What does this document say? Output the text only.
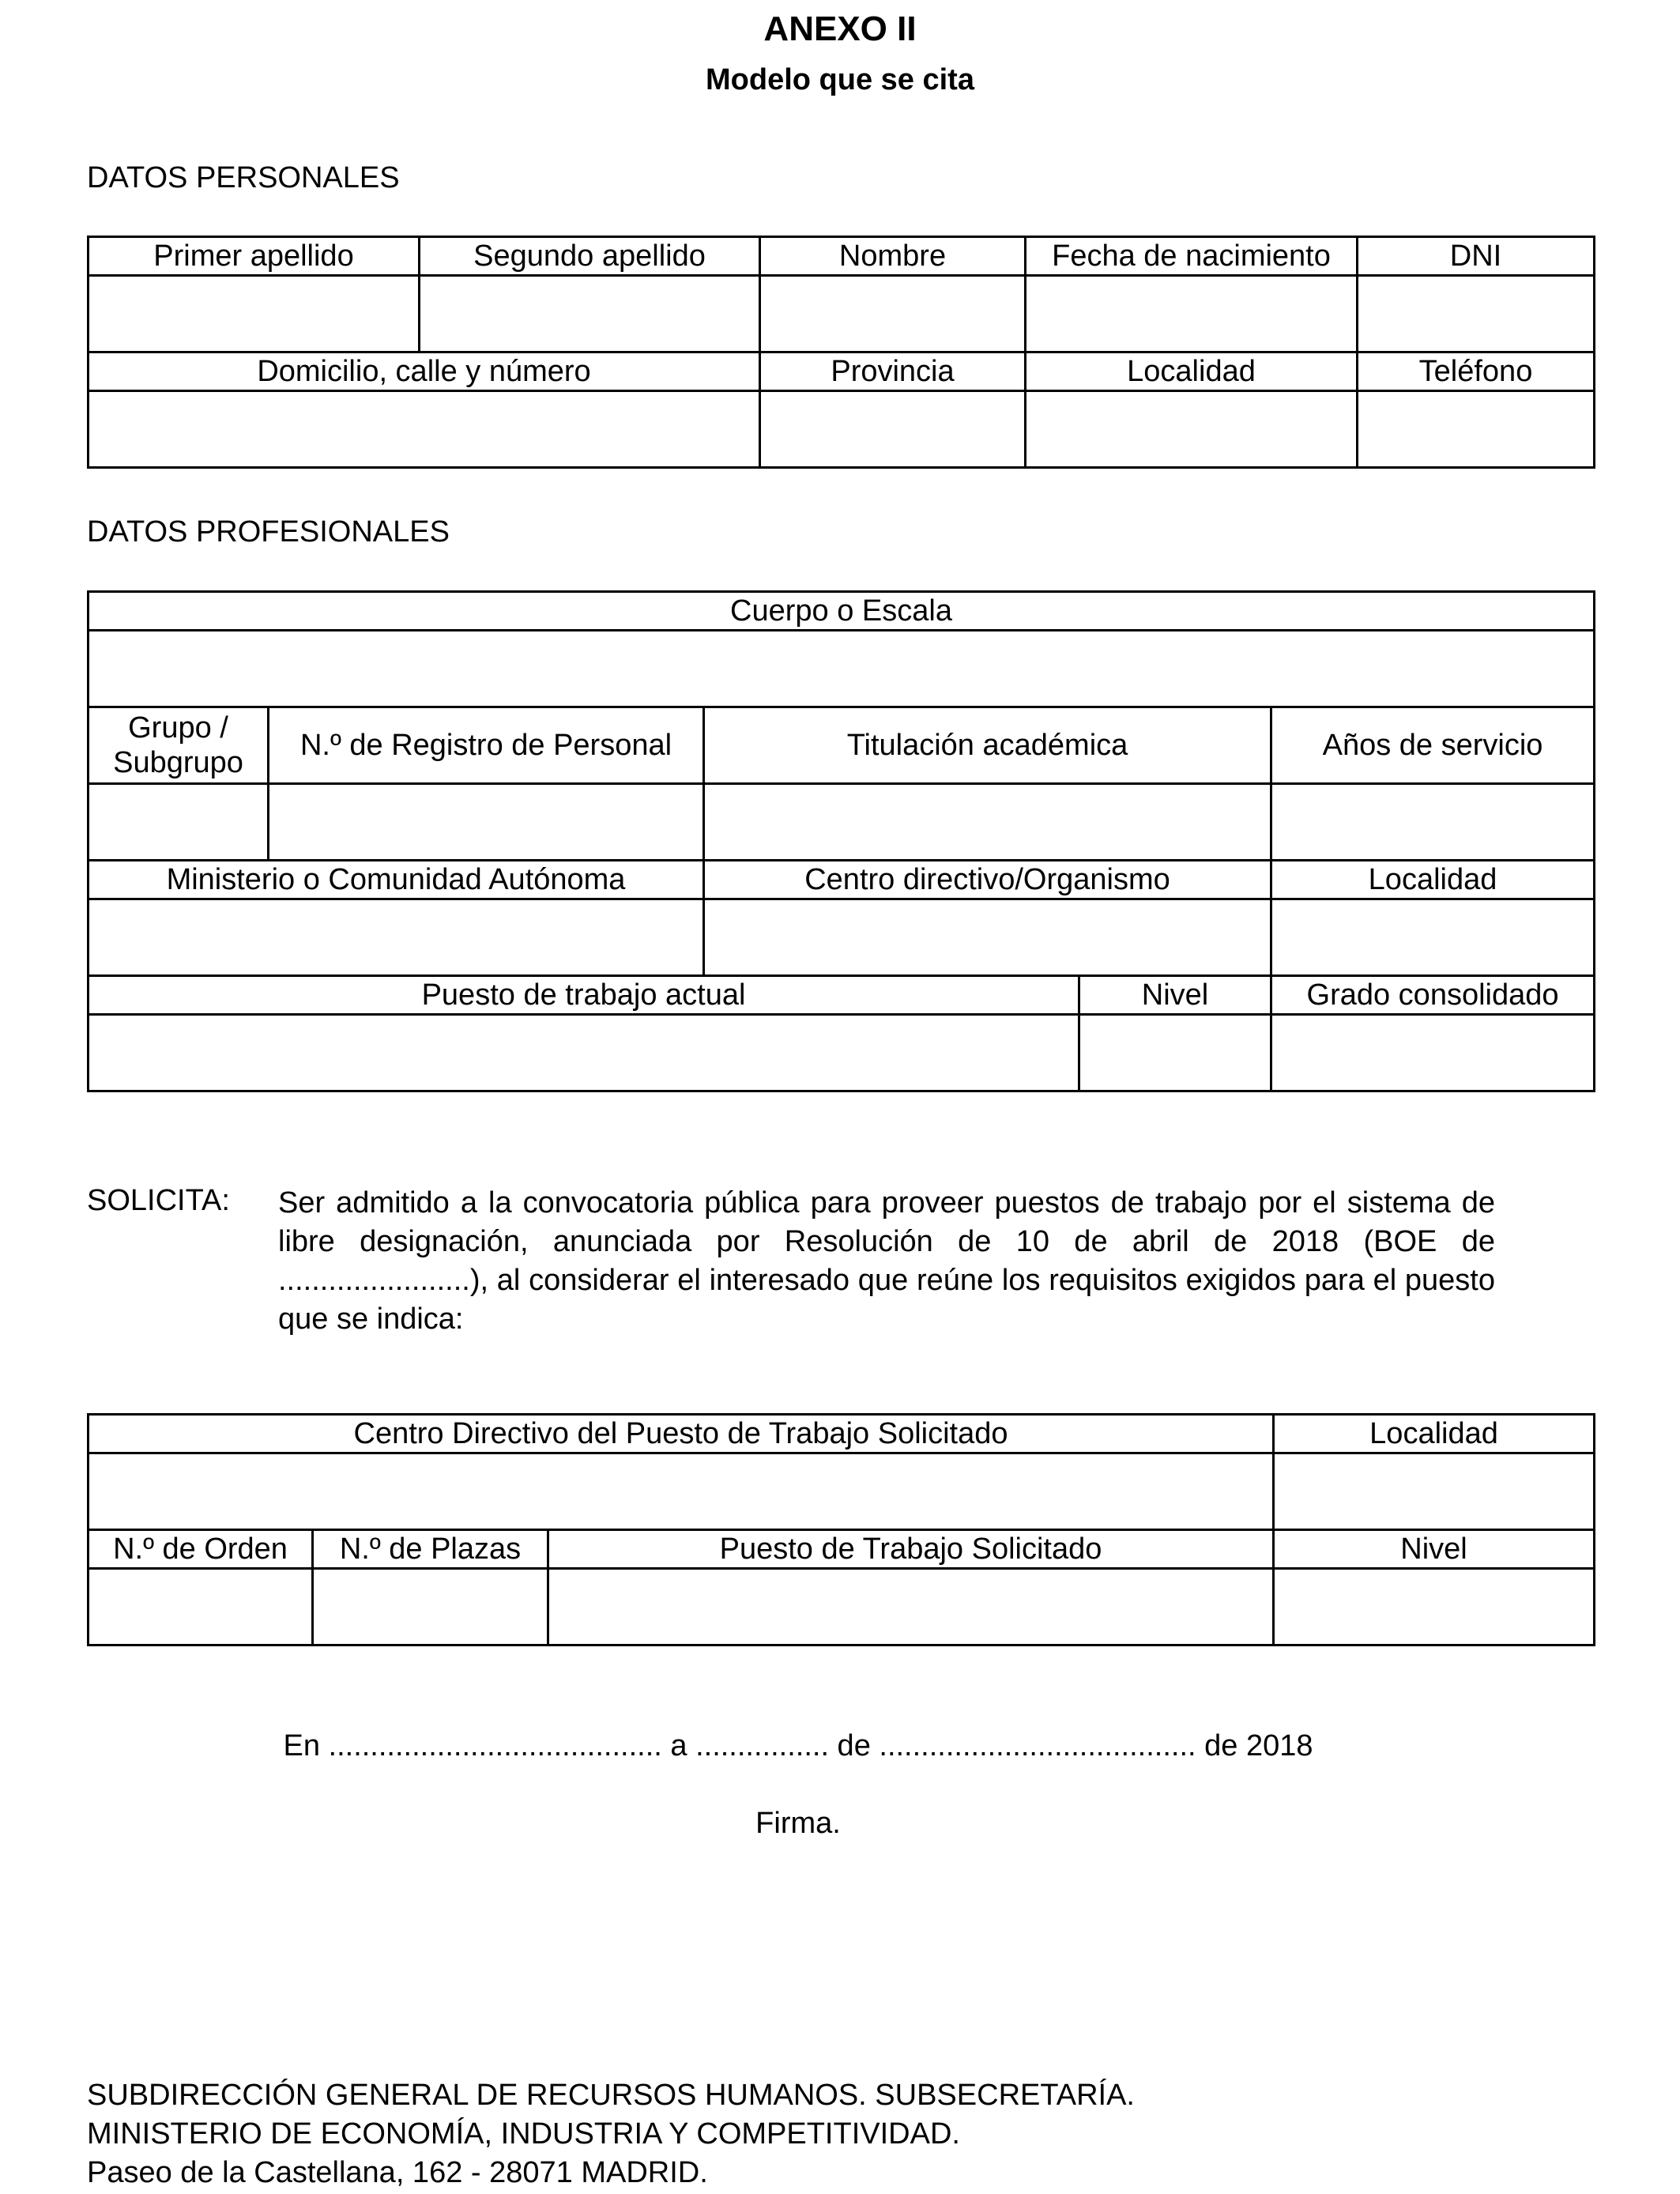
ANEXO II
Modelo que se cita
DATOS PERSONALES
Primer apellido	Segundo apellido	Nombre	Fecha de nacimiento	DNI

Domicilio, calle y número		Provincia	Localidad	Teléfono

DATOS PROFESIONALES
Cuerpo o Escala				

Grupo / Subgrupo	N.º de Registro de Personal	Titulación académica		Años de servicio

Ministerio o Comunidad Autónoma		Centro directivo/Organismo		Localidad

Puesto de trabajo actual			Nivel	Grado consolidado

SOLICITA: Ser admitido a la convocatoria pública para proveer puestos de trabajo por el sistema de libre designación, anunciada por Resolución de 10 de abril de 2018 (BOE de .......................), al considerar el interesado que reúne los requisitos exigidos para el puesto que se indica:
Centro Directivo del Puesto de Trabajo Solicitado			Localidad

N.º de Orden	N.º de Plazas	Puesto de Trabajo Solicitado	Nivel

En ........................................ a ................ de ...................................... de 2018
Firma.
SUBDIRECCIÓN GENERAL DE RECURSOS HUMANOS. SUBSECRETARÍA.
MINISTERIO DE ECONOMÍA, INDUSTRIA Y COMPETITIVIDAD.
Paseo de la Castellana, 162 - 28071 MADRID.
